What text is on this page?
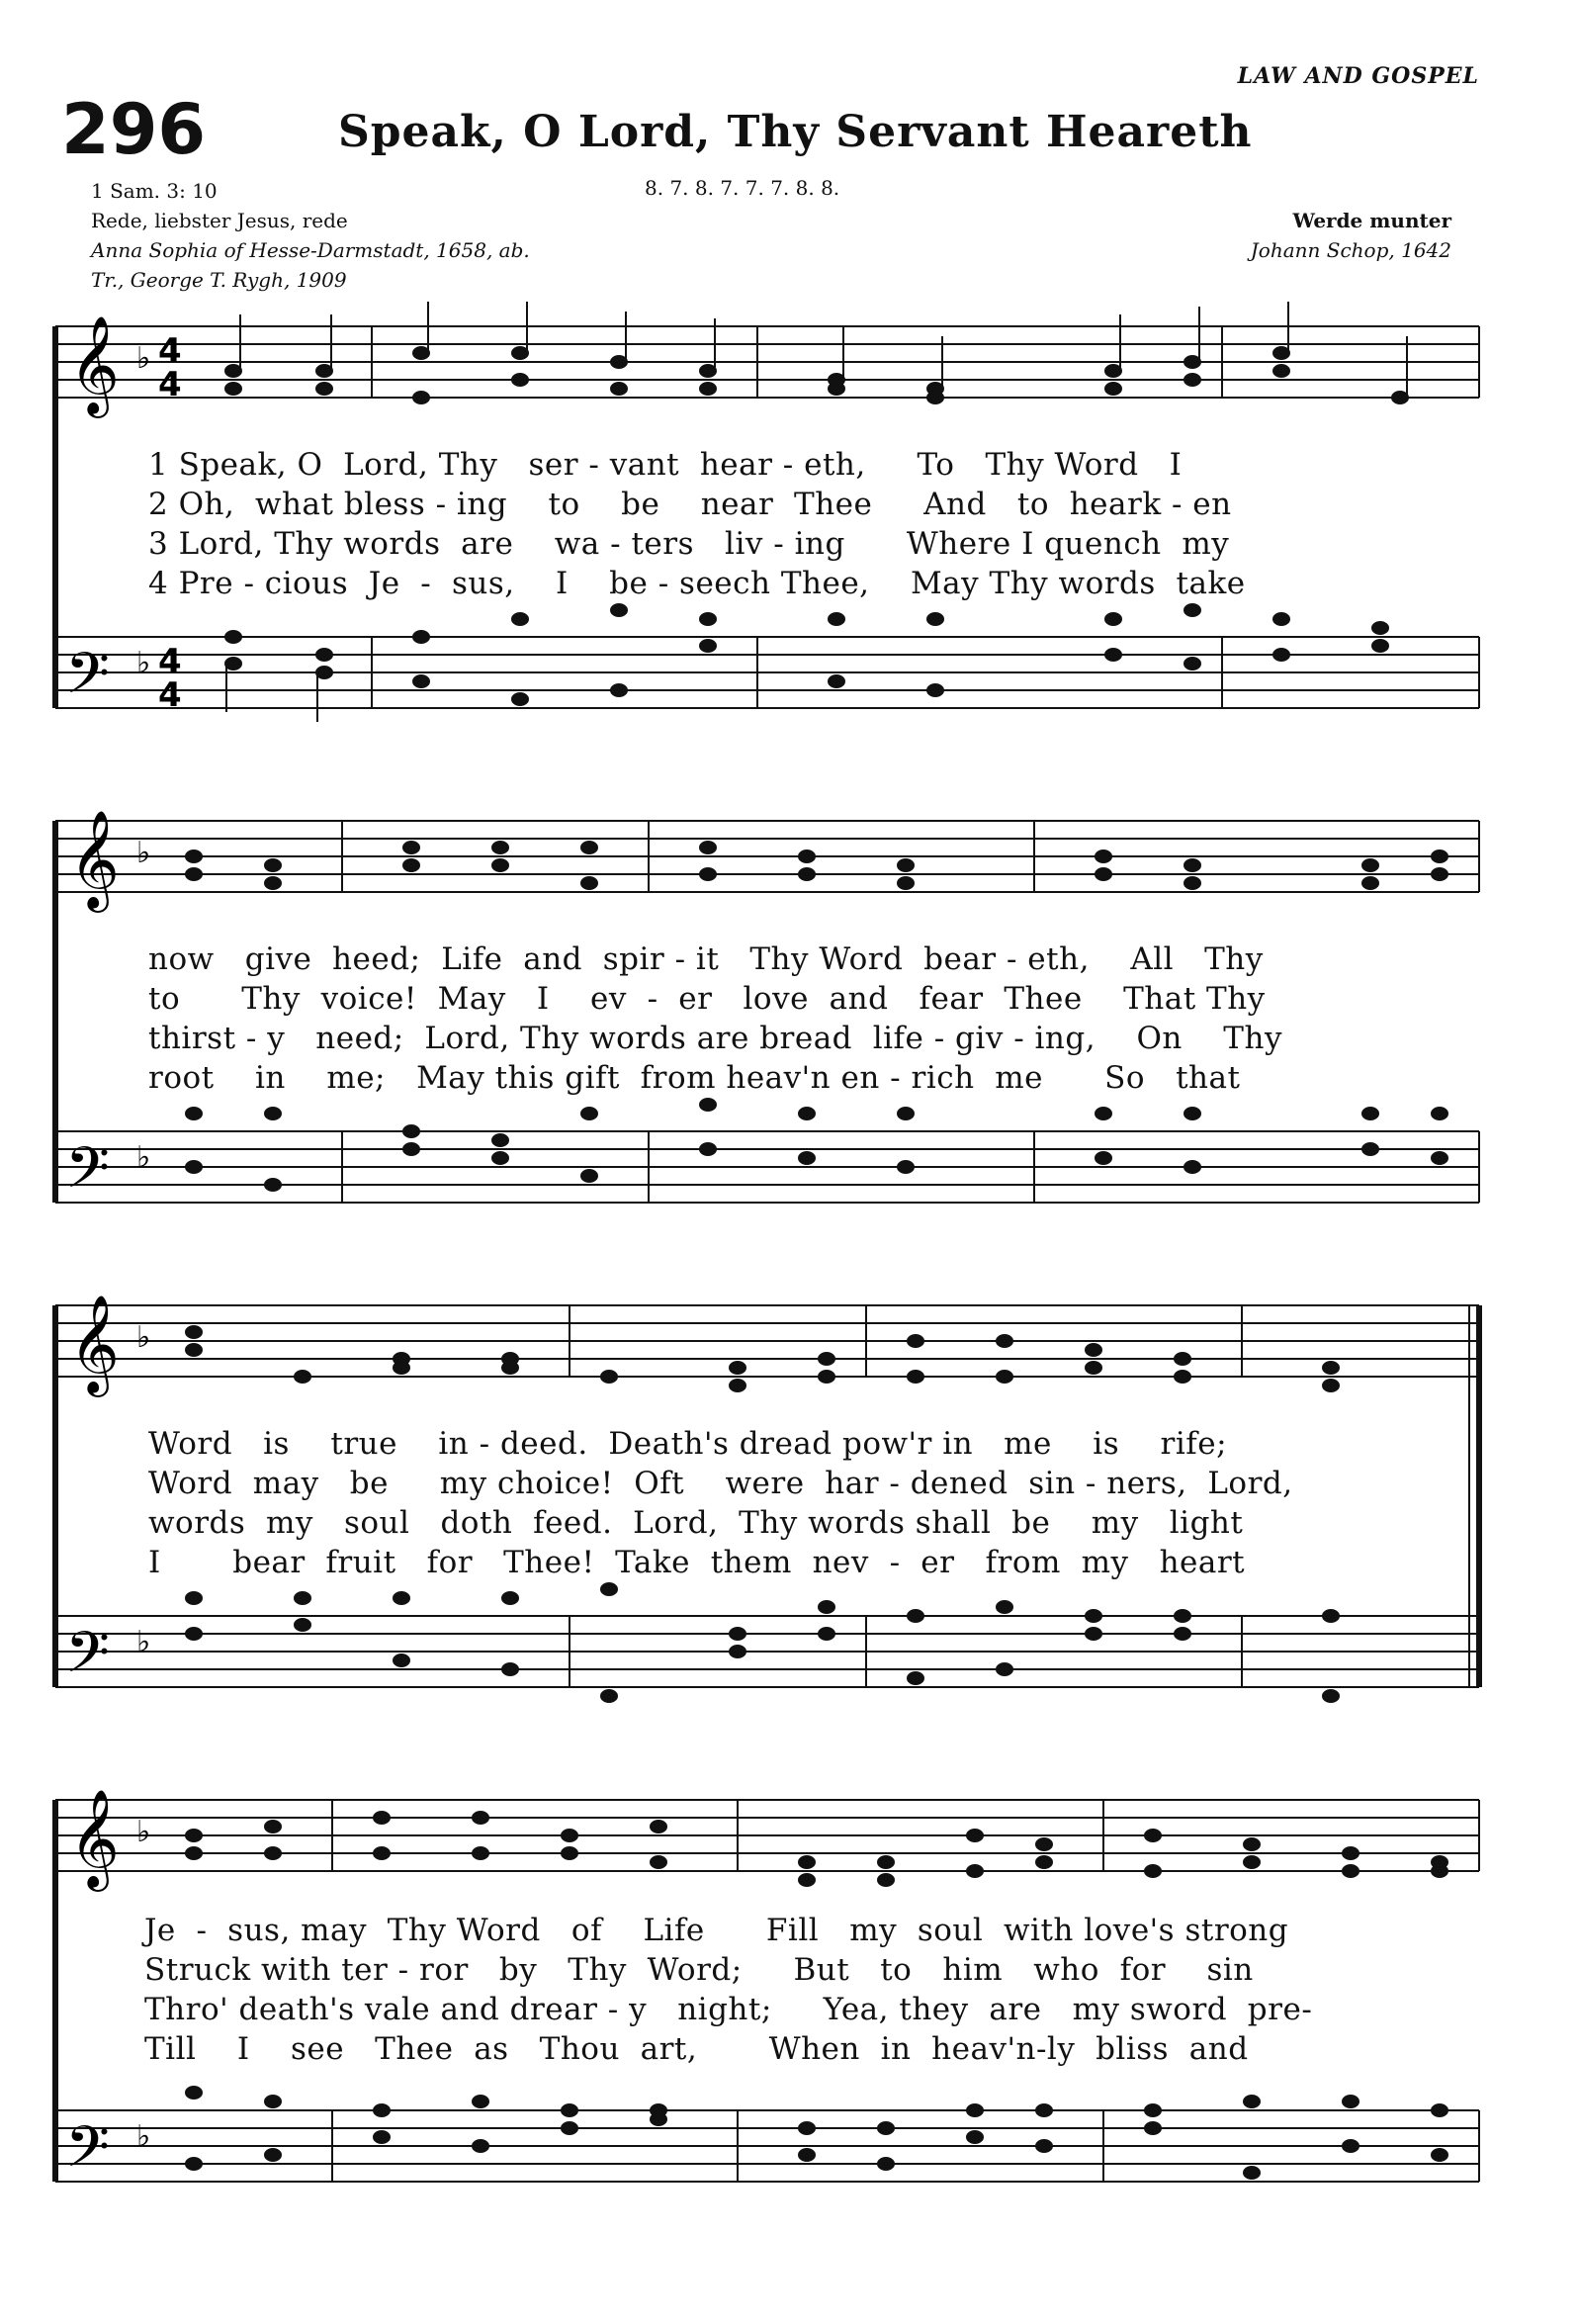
LAW AND GOSPEL
296	Speak, O Lord, Thy Servant Heareth
1 Sam. 3: 10
Rede, liebster Jesus, rede
Anna Sophia of Hesse-Darmstadt, 1658, ab.
Tr., George T. Rygh, 1909
8. 7. 8. 7. 7. 7. 8. 8.
Werde munter
Johann Schop, 1642
𝄞
𝄢
♭
♭
4
4
4
4
1 Speak, O  Lord, Thy   ser - vant  hear - eth,     To   Thy Word   I
2 Oh,  what bless - ing    to    be    near  Thee     And   to  heark - en
3 Lord, Thy words  are    wa - ters   liv - ing      Where I quench  my
4 Pre - cious  Je  -  sus,    I    be - seech Thee,    May Thy words  take
𝄞
𝄢
♭
♭
now   give  heed;  Life  and  spir - it   Thy Word  bear - eth,    All   Thy
to      Thy  voice!  May   I    ev  -  er   love  and   fear  Thee    That Thy
thirst - y   need;  Lord, Thy words are bread  life - giv - ing,    On    Thy
root    in    me;   May this gift  from heav'n en - rich  me      So   that
𝄞
𝄢
♭
♭
Word   is    true    in - deed.  Death's dread pow'r in   me    is    rife;
Word  may   be     my choice!  Oft    were  har - dened  sin - ners,  Lord,
words  my   soul   doth  feed.  Lord,  Thy words shall  be    my   light
I       bear  fruit   for   Thee!  Take  them  nev  -  er   from  my   heart
𝄞
𝄢
♭
♭
Je  -  sus, may  Thy Word   of    Life      Fill   my  soul  with love's strong
Struck with ter - ror   by   Thy  Word;     But   to   him   who  for    sin
Thro' death's vale and drear - y   night;     Yea, they  are   my sword  pre-
Till    I    see   Thee  as   Thou  art,       When  in  heav'n-ly  bliss  and
